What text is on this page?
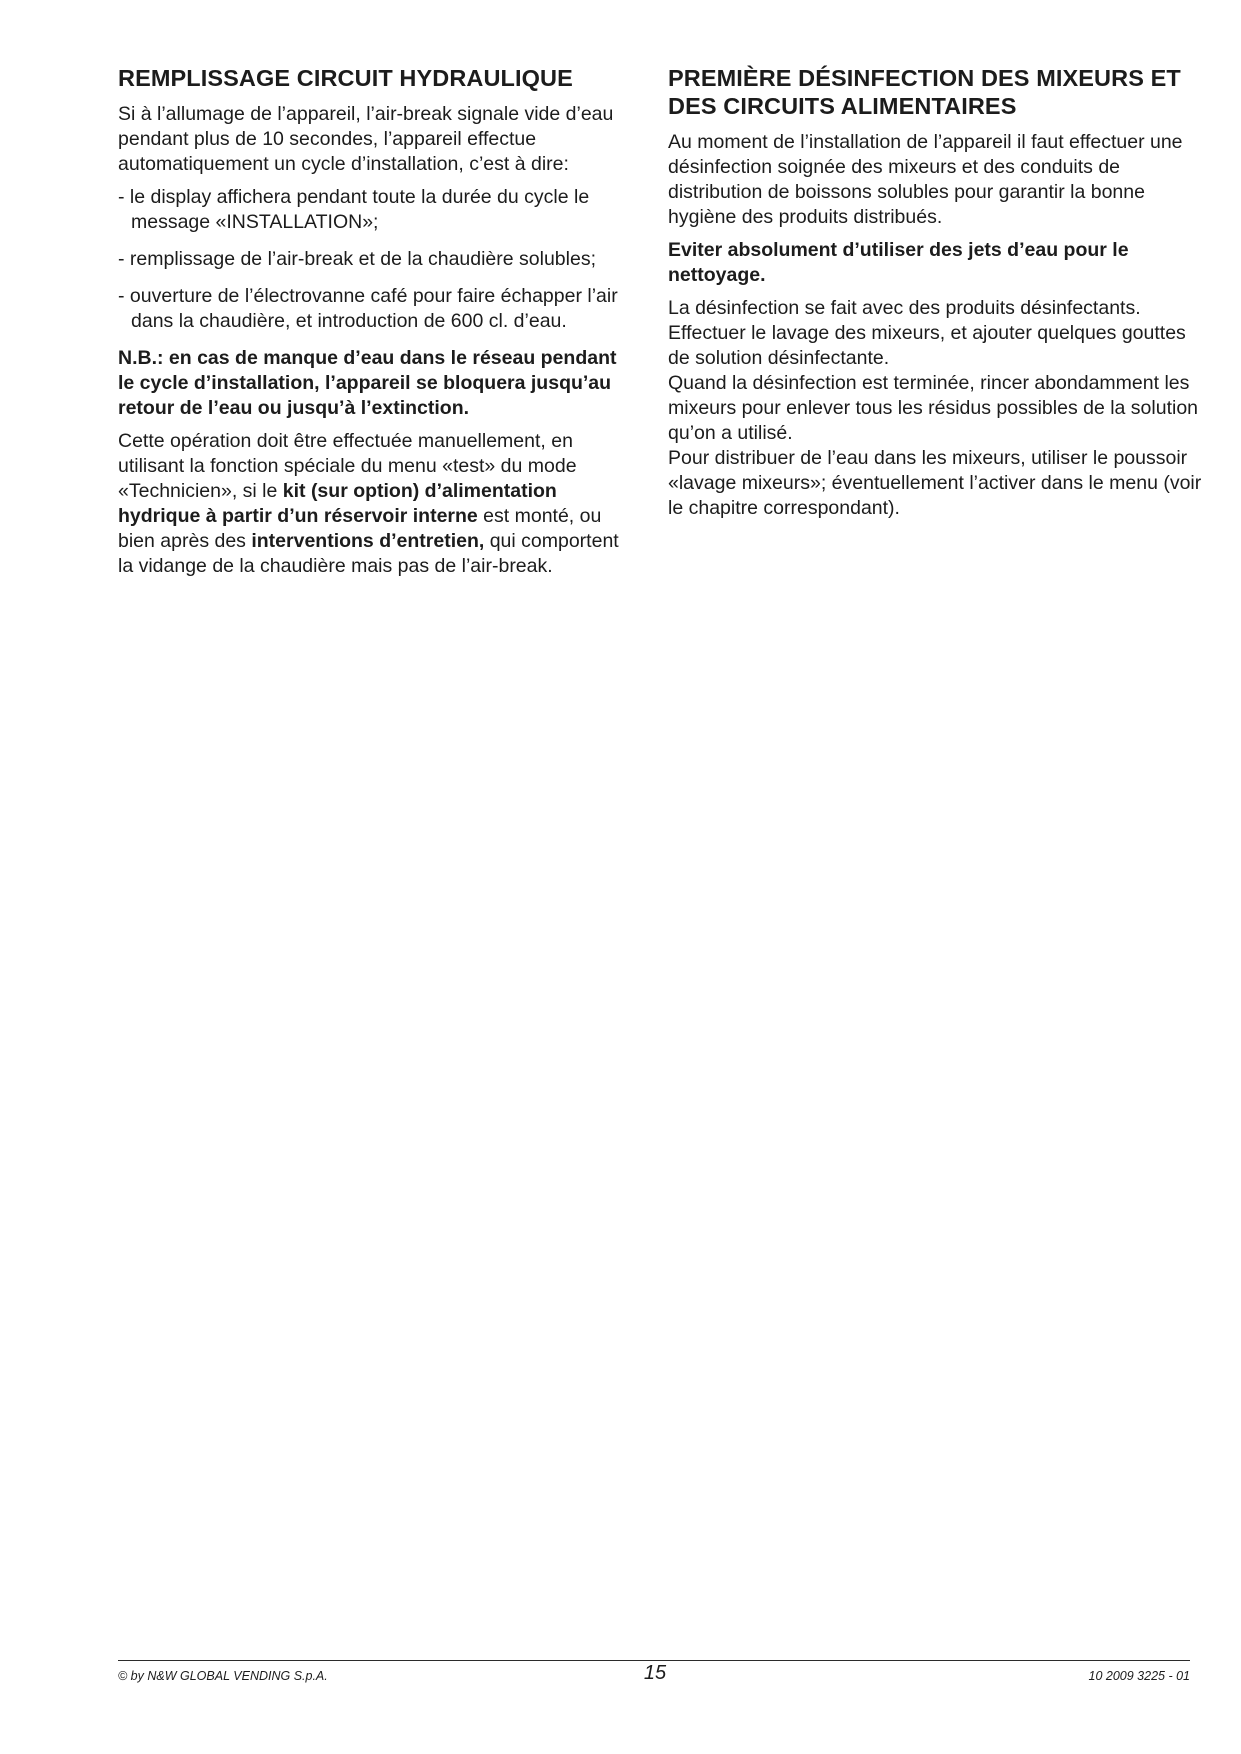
REMPLISSAGE CIRCUIT HYDRAULIQUE

Si à l’allumage de l’appareil, l’air-break signale vide d’eau pendant plus de 10 secondes, l’appareil effectue automatiquement un cycle d’installation, c’est à dire:

- le display affichera pendant toute la durée du cycle le message «INSTALLATION»;

- remplissage de l’air-break et de la chaudière solubles;

- ouverture de l’électrovanne café pour faire échapper l’air dans la chaudière, et introduction de 600 cl. d’eau.

N.B.: en cas de manque d’eau dans le réseau pendant le cycle d’installation, l’appareil se bloquera jusqu’au retour de l’eau ou jusqu’à l’extinction.

Cette opération doit être effectuée manuellement, en utilisant la fonction spéciale du menu «test» du mode «Technicien», si le kit (sur option) d’alimentation hydrique à partir d’un réservoir interne est monté, ou bien après des interventions d’entretien, qui comportent la vidange de la chaudière mais pas de l’air-break.

PREMIÈRE DÉSINFECTION DES MIXEURS ET DES CIRCUITS ALIMENTAIRES

Au moment de l’installation de l’appareil il faut effectuer une désinfection soignée des mixeurs et des conduits de distribution de boissons solubles pour garantir la bonne hygiène des produits distribués.

Eviter absolument d’utiliser des jets d’eau pour le nettoyage.

La désinfection se fait avec des produits désinfectants.

Effectuer le lavage des mixeurs, et ajouter quelques gouttes de solution désinfectante.

Quand la désinfection est terminée, rincer abondamment les mixeurs pour enlever tous les résidus possibles de la solution qu’on a utilisé.

Pour distribuer de l’eau dans les mixeurs, utiliser le poussoir «lavage mixeurs»; éventuellement l’activer dans le menu (voir le chapitre correspondant).

© by N&W GLOBAL VENDING S.p.A.	15	10 2009 3225 - 01
